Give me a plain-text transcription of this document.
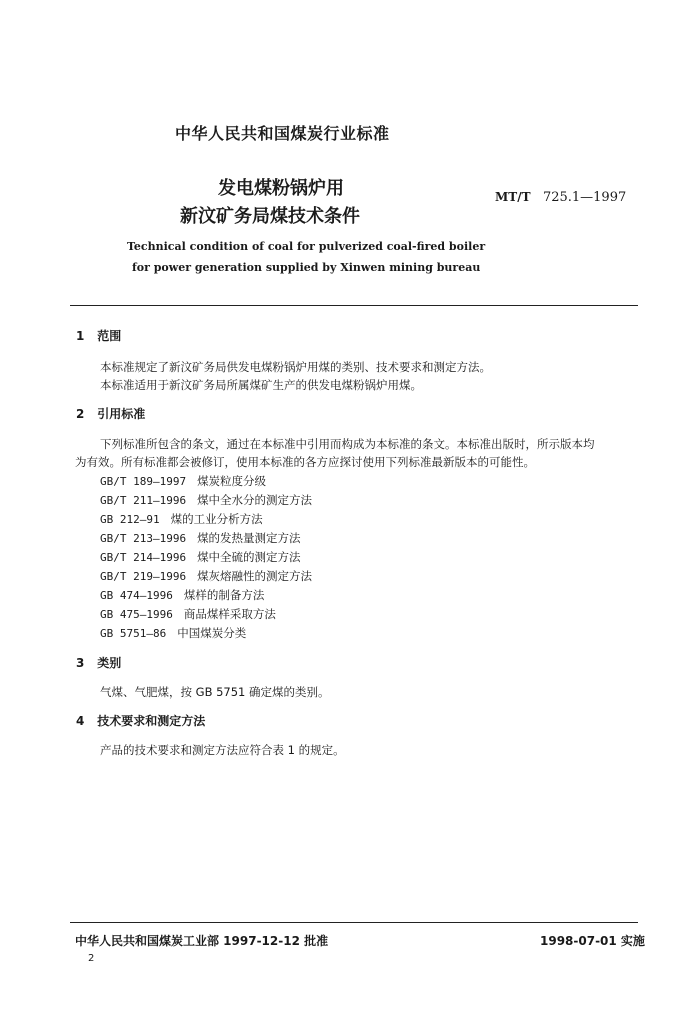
中华人民共和国煤炭行业标准
发电煤粉锅炉用
新汶矿务局煤技术条件
MT/T 725.1—1997
Technical condition of coal for pulverized coal-fired boiler
for power generation supplied by Xinwen mining bureau
1 范围
本标准规定了新汶矿务局供发电煤粉锅炉用煤的类别、技术要求和测定方法。
本标准适用于新汶矿务局所属煤矿生产的供发电煤粉锅炉用煤。
2 引用标准
下列标准所包含的条文，通过在本标准中引用而构成为本标准的条文。本标准出版时，所示版本均
为有效。所有标准都会被修订，使用本标准的各方应探讨使用下列标准最新版本的可能性。
GB/T 189—1997 煤炭粒度分级
GB/T 211—1996 煤中全水分的测定方法
GB 212—91 煤的工业分析方法
GB/T 213—1996 煤的发热量测定方法
GB/T 214—1996 煤中全硫的测定方法
GB/T 219—1996 煤灰熔融性的测定方法
GB 474—1996 煤样的制备方法
GB 475—1996 商品煤样采取方法
GB 5751—86 中国煤炭分类
3 类别
气煤、气肥煤，按 GB 5751 确定煤的类别。
4 技术要求和测定方法
产品的技术要求和测定方法应符合表 1 的规定。
中华人民共和国煤炭工业部 1997-12-12 批准	1998-07-01 实施
2
